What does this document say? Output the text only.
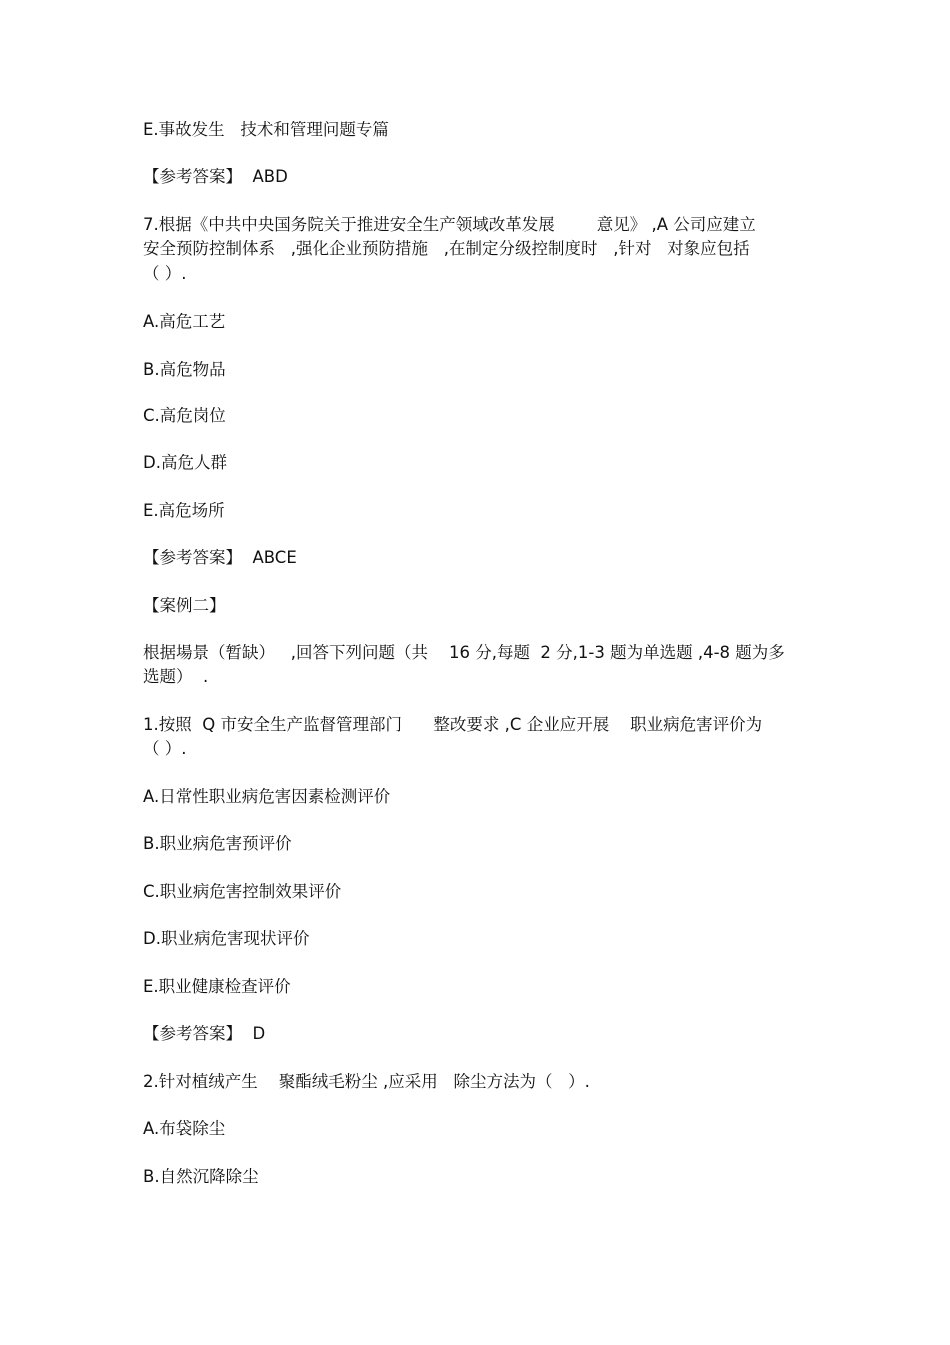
E.事故发生   技术和管理问题专篇
【参考答案】  ABD
7.根据《中共中央国务院关于推进安全生产领域改革发展        意见》 ,A 公司应建立
安全预防控制体系   ,强化企业预防措施   ,在制定分级控制度时   ,针对   对象应包括
（ ）.
A.高危工艺
B.高危物品
C.高危岗位
D.高危人群
E.高危场所
【参考答案】  ABCE
【案例二】
根据場景（暂缺）   ,回答下列问题（共    16 分,每题  2 分,1-3 题为单选题 ,4-8 题为多
选题）  .
1.按照  Q 市安全生产监督管理部门      整改要求 ,C 企业应开展    职业病危害评价为
（ ）.
A.日常性职业病危害因素检测评价
B.职业病危害预评价
C.职业病危害控制效果评价
D.职业病危害现状评价
E.职业健康检查评价
【参考答案】  D
2.针对植绒产生    聚酯绒毛粉尘 ,应采用   除尘方法为（   ）.
A.布袋除尘
B.自然沉降除尘
